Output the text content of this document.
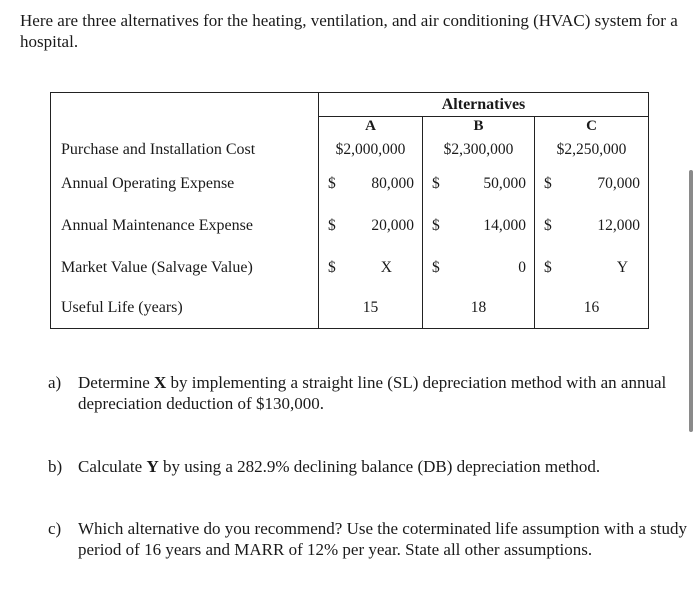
Here are three alternatives for the heating, ventilation, and air conditioning (HVAC) system for a hospital.

	Alternatives		
	A	B	C
Purchase and Installation Cost	$2,000,000	$2,300,000	$2,250,000
Annual Operating Expense	$ 80,000	$ 50,000	$ 70,000

Annual Maintenance Expense	$ 20,000	$ 14,000	$ 12,000

Market Value (Salvage Value)	$ X	$ 0	$ Y

Useful Life (years)	15	18	16
a) Determine X by implementing a straight line (SL) depreciation method with an annual depreciation deduction of $130,000.
b) Calculate Y by using a 282.9% declining balance (DB) depreciation method.
c) Which alternative do you recommend? Use the coterminated life assumption with a study period of 16 years and MARR of 12% per year. State all other assumptions.
